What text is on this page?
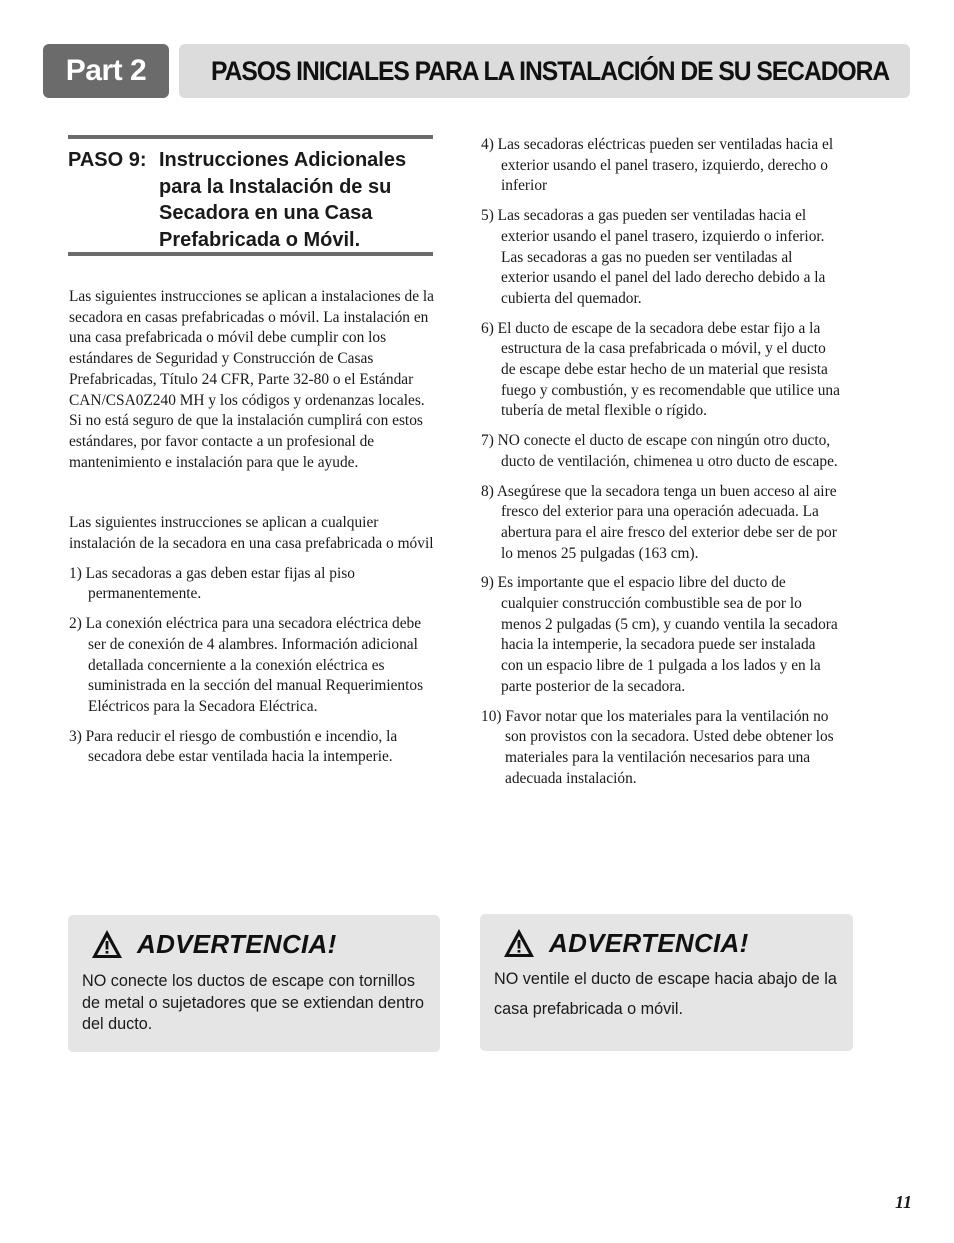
Part 2 PASOS INICIALES PARA LA INSTALACIÓN DE SU SECADORA
PASO 9: Instrucciones Adicionales para la Instalación de su Secadora en una Casa Prefabricada o Móvil.

Las siguientes instrucciones se aplican a instalaciones de la secadora en casas prefabricadas o móvil. La instalación en una casa prefabricada o móvil debe cumplir con los estándares de Seguridad y Construcción de Casas Prefabricadas, Título 24 CFR, Parte 32-80 o el Estándar CAN/CSA0Z240 MH y los códigos y ordenanzas locales. Si no está seguro de que la instalación cumplirá con estos estándares, por favor contacte a un profesional de mantenimiento e instalación para que le ayude.

Las siguientes instrucciones se aplican a cualquier instalación de la secadora en una casa prefabricada o móvil

1) Las secadoras a gas deben estar fijas al piso permanentemente.

2) La conexión eléctrica para una secadora eléctrica debe ser de conexión de 4 alambres. Información adicional detallada concerniente a la conexión eléctrica es suministrada en la sección del manual Requerimientos Eléctricos para la Secadora Eléctrica.

3) Para reducir el riesgo de combustión e incendio, la secadora debe estar ventilada hacia la intemperie.

4) Las secadoras eléctricas pueden ser ventiladas hacia el exterior usando el panel trasero, izquierdo, derecho o inferior

5) Las secadoras a gas pueden ser ventiladas hacia el exterior usando el panel trasero, izquierdo o inferior. Las secadoras a gas no pueden ser ventiladas al exterior usando el panel del lado derecho debido a la cubierta del quemador.

6) El ducto de escape de la secadora debe estar fijo a la estructura de la casa prefabricada o móvil, y el ducto de escape debe estar hecho de un material que resista fuego y combustión, y es recomendable que utilice una tubería de metal flexible o rígido.

7) NO conecte el ducto de escape con ningún otro ducto, ducto de ventilación, chimenea u otro ducto de escape.

8) Asegúrese que la secadora tenga un buen acceso al aire fresco del exterior para una operación adecuada. La abertura para el aire fresco del exterior debe ser de por lo menos 25 pulgadas (163 cm).

9) Es importante que el espacio libre del ducto de cualquier construcción combustible sea de por lo menos 2 pulgadas (5 cm), y cuando ventila la secadora hacia la intemperie, la secadora puede ser instalada con un espacio libre de 1 pulgada a los lados y en la parte posterior de la secadora.

10) Favor notar que los materiales para la ventilación no son provistos con la secadora. Usted debe obtener los materiales para la ventilación necesarios para una adecuada instalación.

ADVERTENCIA!

NO conecte los ductos de escape con tornillos de metal o sujetadores que se extiendan dentro del ducto.

ADVERTENCIA!

NO ventile el ducto de escape hacia abajo de la casa prefabricada o móvil.

11
